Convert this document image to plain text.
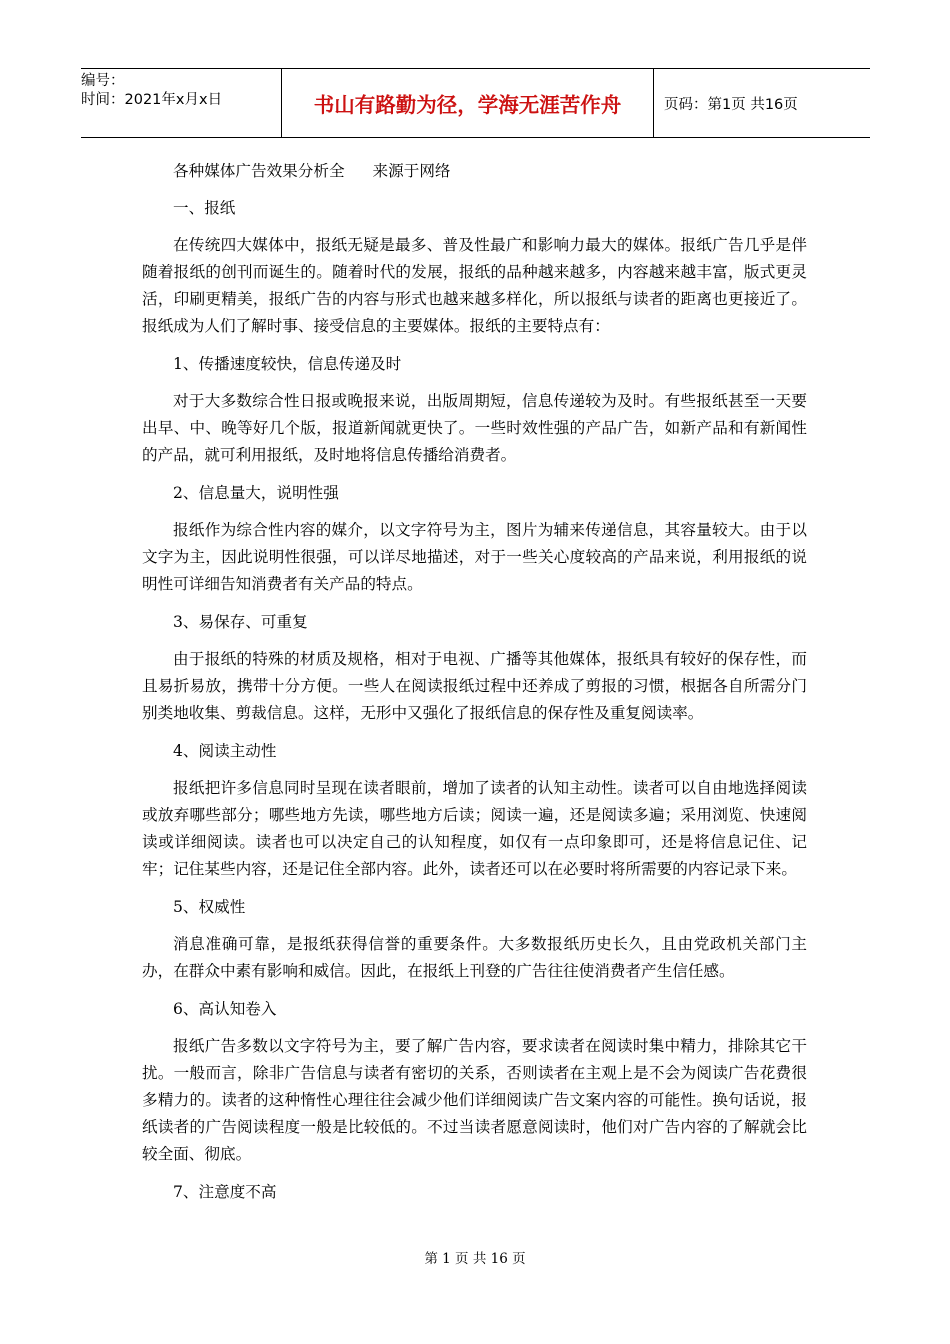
编号：
时间：2021年x月x日	书山有路勤为径，学海无涯苦作舟	页码：第1页 共16页

各种媒体广告效果分析全 来源于网络

一、报纸

在传统四大媒体中，报纸无疑是最多、普及性最广和影响力最大的媒体。报纸广告几乎是伴随着报纸的创刊而诞生的。随着时代的发展，报纸的品种越来越多，内容越来越丰富，版式更灵活，印刷更精美，报纸广告的内容与形式也越来越多样化，所以报纸与读者的距离也更接近了。报纸成为人们了解时事、接受信息的主要媒体。报纸的主要特点有：

1、传播速度较快，信息传递及时

对于大多数综合性日报或晚报来说，出版周期短，信息传递较为及时。有些报纸甚至一天要出早、中、晚等好几个版，报道新闻就更快了。一些时效性强的产品广告，如新产品和有新闻性的产品，就可利用报纸，及时地将信息传播给消费者。

2、信息量大，说明性强

报纸作为综合性内容的媒介，以文字符号为主，图片为辅来传递信息，其容量较大。由于以文字为主，因此说明性很强，可以详尽地描述，对于一些关心度较高的产品来说，利用报纸的说明性可详细告知消费者有关产品的特点。

3、易保存、可重复

由于报纸的特殊的材质及规格，相对于电视、广播等其他媒体，报纸具有较好的保存性，而且易折易放，携带十分方便。一些人在阅读报纸过程中还养成了剪报的习惯，根据各自所需分门别类地收集、剪裁信息。这样，无形中又强化了报纸信息的保存性及重复阅读率。

4、阅读主动性

报纸把许多信息同时呈现在读者眼前，增加了读者的认知主动性。读者可以自由地选择阅读或放弃哪些部分；哪些地方先读，哪些地方后读；阅读一遍，还是阅读多遍；采用浏览、快速阅读或详细阅读。读者也可以决定自己的认知程度，如仅有一点印象即可，还是将信息记住、记牢；记住某些内容，还是记住全部内容。此外，读者还可以在必要时将所需要的内容记录下来。

5、权威性

消息准确可靠，是报纸获得信誉的重要条件。大多数报纸历史长久，且由党政机关部门主办，在群众中素有影响和威信。因此，在报纸上刊登的广告往往使消费者产生信任感。

6、高认知卷入

报纸广告多数以文字符号为主，要了解广告内容，要求读者在阅读时集中精力，排除其它干扰。一般而言，除非广告信息与读者有密切的关系，否则读者在主观上是不会为阅读广告花费很多精力的。读者的这种惰性心理往往会减少他们详细阅读广告文案内容的可能性。换句话说，报纸读者的广告阅读程度一般是比较低的。不过当读者愿意阅读时，他们对广告内容的了解就会比较全面、彻底。

7、注意度不高

第 1 页 共 16 页
